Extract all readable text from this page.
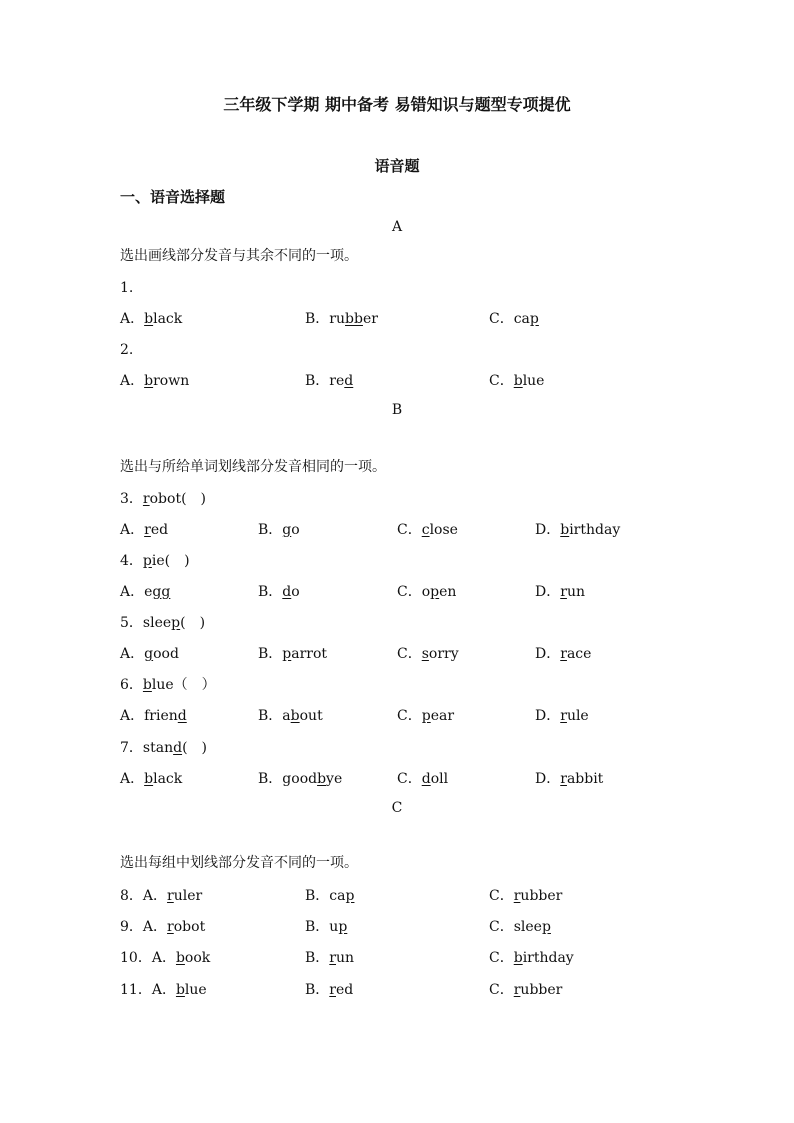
三年级下学期 期中备考 易错知识与题型专项提优
语音题
一、语音选择题
A
选出画线部分发音与其余不同的一项。
1.
A．black	B．rubber	C．cap
2.
A．brown	B．red	C．blue
B
选出与所给单词划线部分发音相同的一项。
3．robot(　)
A．red	B．go	C．close	D．birthday
4．pie(　)
A．egg	B．do	C．open	D．run
5．sleep(　)
A．good	B．parrot	C．sorry	D．race
6．blue（　）
A．friend	B．about	C．pear	D．rule
7．stand(　)
A．black	B．goodbye	C．doll	D．rabbit
C
选出每组中划线部分发音不同的一项。
8．A．ruler	B．cap	C．rubber
9．A．robot	B．up	C．sleep
10．A．book	B．run	C．birthday
11．A．blue	B．red	C．rubber
